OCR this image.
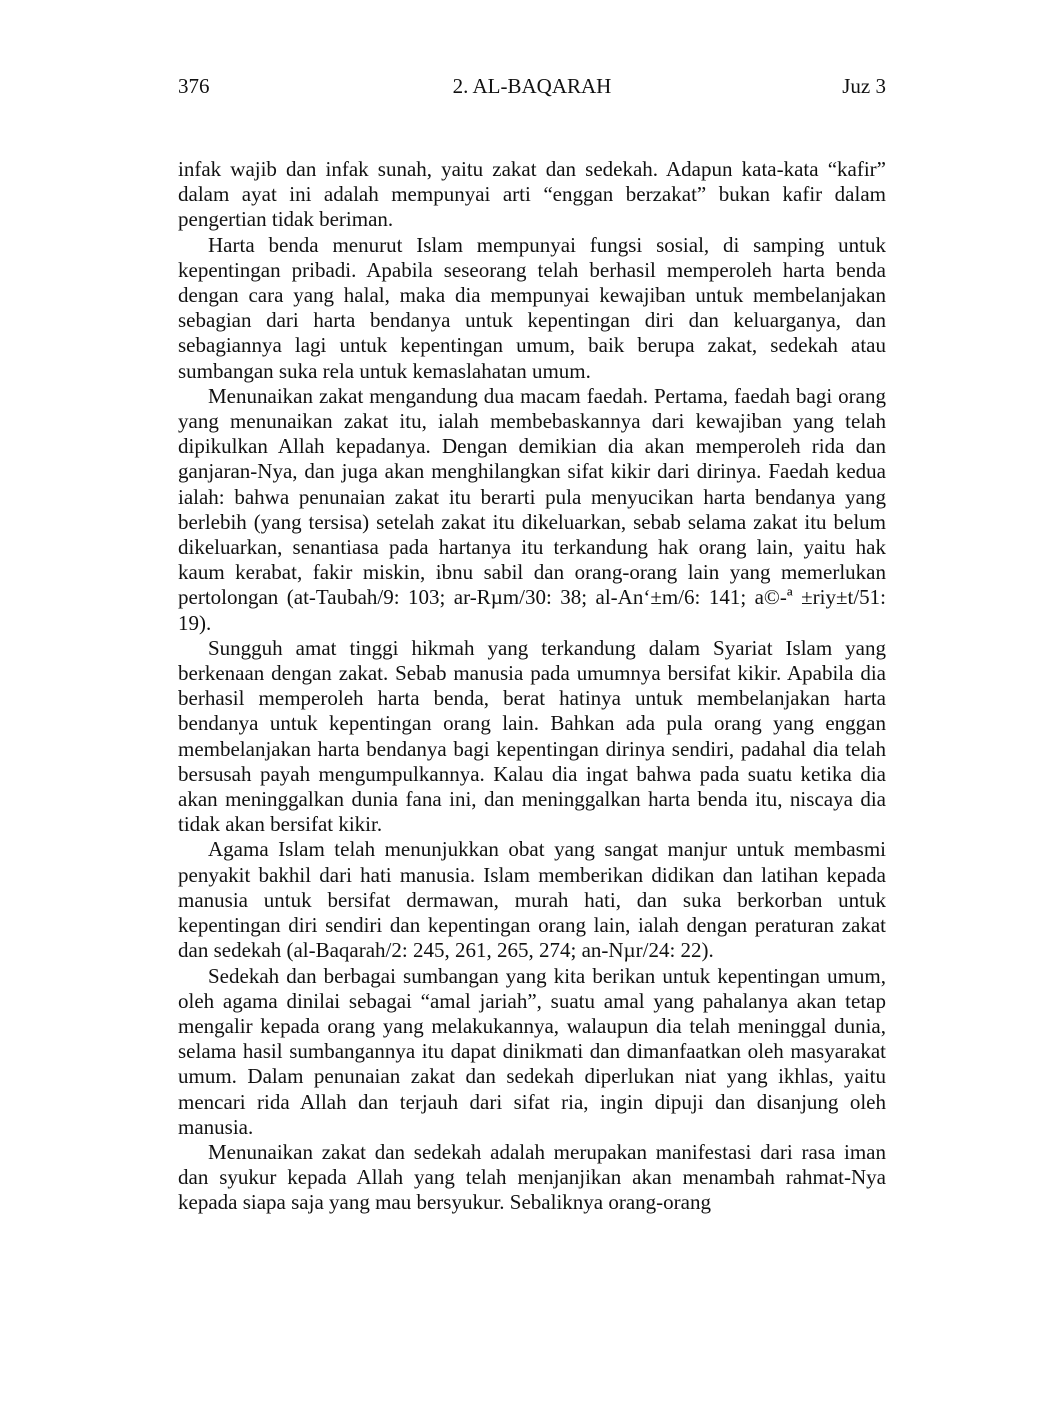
376	2. AL-BAQARAH	Juz 3

infak wajib dan infak sunah, yaitu zakat dan sedekah. Adapun kata-kata “kafir” dalam ayat ini adalah mempunyai arti “enggan berzakat” bukan kafir dalam pengertian tidak beriman.

Harta benda menurut Islam mempunyai fungsi sosial, di samping untuk kepentingan pribadi. Apabila seseorang telah berhasil memperoleh harta benda dengan cara yang halal, maka dia mempunyai kewajiban untuk membelanjakan sebagian dari harta bendanya untuk kepentingan diri dan keluarganya, dan sebagiannya lagi untuk kepentingan umum, baik berupa zakat, sedekah atau sumbangan suka rela untuk kemaslahatan umum.

Menunaikan zakat mengandung dua macam faedah. Pertama, faedah bagi orang yang menunaikan zakat itu, ialah membebaskannya dari kewajiban yang telah dipikulkan Allah kepadanya. Dengan demikian dia akan memperoleh rida dan ganjaran-Nya, dan juga akan menghilangkan sifat kikir dari dirinya. Faedah kedua ialah: bahwa penunaian zakat itu berarti pula menyucikan harta bendanya yang berlebih (yang tersisa) setelah zakat itu dikeluarkan, sebab selama zakat itu belum dikeluarkan, senantiasa pada hartanya itu terkandung hak orang lain, yaitu hak kaum kerabat, fakir miskin, ibnu sabil dan orang-orang lain yang memerlukan pertolongan (at-Taubah/9: 103; ar-Rµm/30: 38; al-An‘±m/6: 141; a©-ª ±riy±t/51: 19).

Sungguh amat tinggi hikmah yang terkandung dalam Syariat Islam yang berkenaan dengan zakat. Sebab manusia pada umumnya bersifat kikir. Apabila dia berhasil memperoleh harta benda, berat hatinya untuk membelanjakan harta bendanya untuk kepentingan orang lain. Bahkan ada pula orang yang enggan membelanjakan harta bendanya bagi kepentingan dirinya sendiri, padahal dia telah bersusah payah mengumpulkannya. Kalau dia ingat bahwa pada suatu ketika dia akan meninggalkan dunia fana ini, dan meninggalkan harta benda itu, niscaya dia tidak akan bersifat kikir.

Agama Islam telah menunjukkan obat yang sangat manjur untuk membasmi penyakit bakhil dari hati manusia. Islam memberikan didikan dan latihan kepada manusia untuk bersifat dermawan, murah hati, dan suka berkorban untuk kepentingan diri sendiri dan kepentingan orang lain, ialah dengan peraturan zakat dan sedekah (al-Baqarah/2: 245, 261, 265, 274; an-Nµr/24: 22).

Sedekah dan berbagai sumbangan yang kita berikan untuk kepentingan umum, oleh agama dinilai sebagai “amal jariah”, suatu amal yang pahalanya akan tetap mengalir kepada orang yang melakukannya, walaupun dia telah meninggal dunia, selama hasil sumbangannya itu dapat dinikmati dan dimanfaatkan oleh masyarakat umum. Dalam penunaian zakat dan sedekah diperlukan niat yang ikhlas, yaitu mencari rida Allah dan terjauh dari sifat ria, ingin dipuji dan disanjung oleh manusia.

Menunaikan zakat dan sedekah adalah merupakan manifestasi dari rasa iman dan syukur kepada Allah yang telah menjanjikan akan menambah rahmat-Nya kepada siapa saja yang mau bersyukur. Sebaliknya orang-orang
